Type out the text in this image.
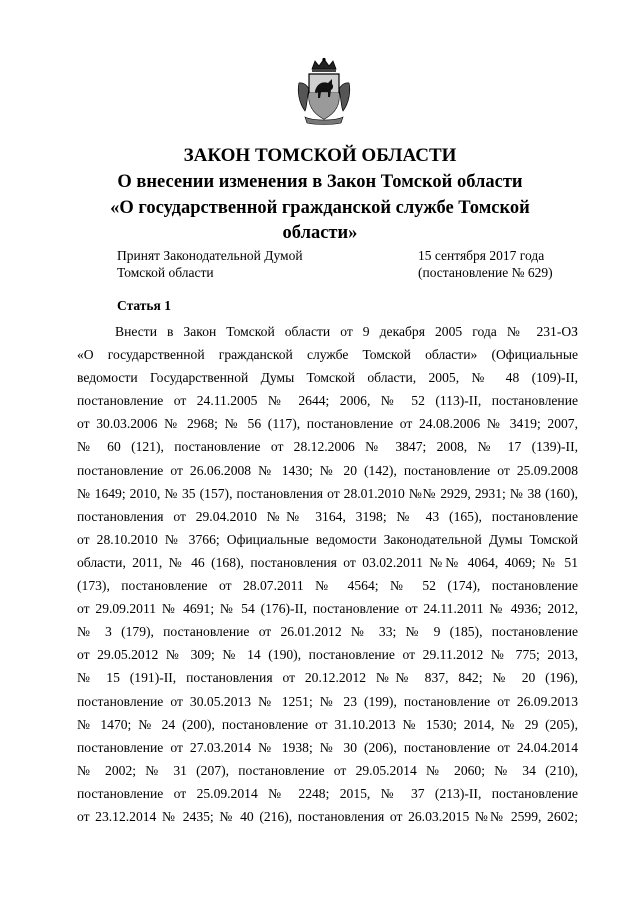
ЗАКОН ТОМСКОЙ ОБЛАСТИ
О внесении изменения в Закон Томской области
«О государственной гражданской службе Томской
области»
Принят Законодательной Думой
Томской области
15 сентября 2017 года
(постановление № 629)
Статья 1
Внести в Закон Томской области от 9 декабря 2005 года № 231-ОЗ
«О государственной гражданской службе Томской области» (Официальные
ведомости Государственной Думы Томской области, 2005, № 48 (109)-II,
постановление от 24.11.2005 № 2644; 2006, № 52 (113)-II, постановление
от 30.03.2006 № 2968; № 56 (117), постановление от 24.08.2006 № 3419; 2007,
№ 60 (121), постановление от 28.12.2006 № 3847; 2008, № 17 (139)-II,
постановление от 26.06.2008 № 1430; № 20 (142), постановление от 25.09.2008
№ 1649; 2010, № 35 (157), постановления от 28.01.2010 №№ 2929, 2931; № 38 (160),
постановления от 29.04.2010 №№ 3164, 3198; № 43 (165), постановление
от 28.10.2010 № 3766; Официальные ведомости Законодательной Думы Томской
области, 2011, № 46 (168), постановления от 03.02.2011 №№ 4064, 4069; № 51
(173), постановление от 28.07.2011 № 4564; № 52 (174), постановление
от 29.09.2011 № 4691; № 54 (176)-II, постановление от 24.11.2011 № 4936; 2012,
№ 3 (179), постановление от 26.01.2012 № 33; № 9 (185), постановление
от 29.05.2012 № 309; № 14 (190), постановление от 29.11.2012 № 775; 2013,
№ 15 (191)-II, постановления от 20.12.2012 №№ 837, 842; № 20 (196),
постановление от 30.05.2013 № 1251; № 23 (199), постановление от 26.09.2013
№ 1470; № 24 (200), постановление от 31.10.2013 № 1530; 2014, № 29 (205),
постановление от 27.03.2014 № 1938; № 30 (206), постановление от 24.04.2014
№ 2002; № 31 (207), постановление от 29.05.2014 № 2060; № 34 (210),
постановление от 25.09.2014 № 2248; 2015, № 37 (213)-II, постановление
от 23.12.2014 № 2435; № 40 (216), постановления от 26.03.2015 №№ 2599, 2602;
